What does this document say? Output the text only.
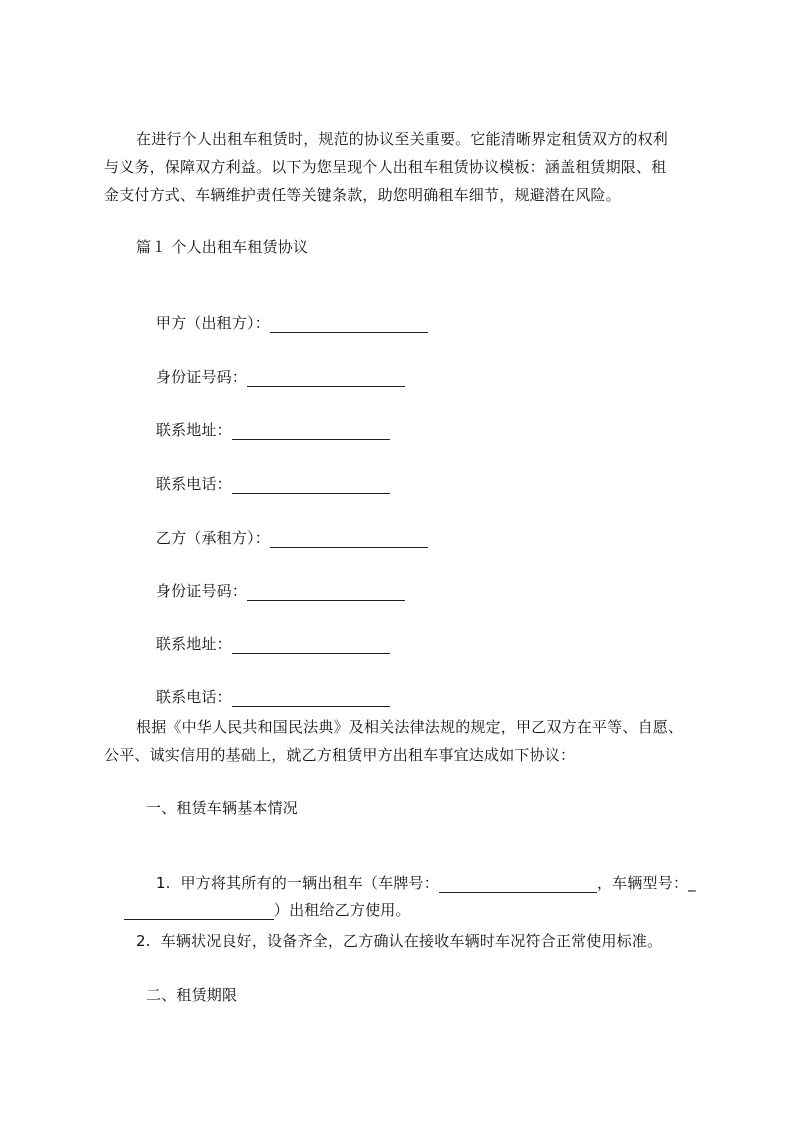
在进行个人出租车租赁时，规范的协议至关重要。它能清晰界定租赁双方的权利
与义务，保障双方利益。以下为您呈现个人出租车租赁协议模板：涵盖租赁期限、租
金支付方式、车辆维护责任等关键条款，助您明确租车细节，规避潜在风险。
篇１ 个人出租车租赁协议

甲方（出租方）：

身份证号码：

联系地址：

联系电话：

乙方（承租方）：

身份证号码：

联系地址：

联系电话：

根据《中华人民共和国民法典》及相关法律法规的规定，甲乙双方在平等、自愿、
公平、诚实信用的基础上，就乙方租赁甲方出租车事宜达成如下协议：
一、租赁车辆基本情况

1.  甲方将其所有的一辆出租车（车牌号：	，车辆型号：_

）出租给乙方使用。

2.  车辆状况良好，设备齐全，乙方确认在接收车辆时车况符合正常使用标准。
二、租赁期限
